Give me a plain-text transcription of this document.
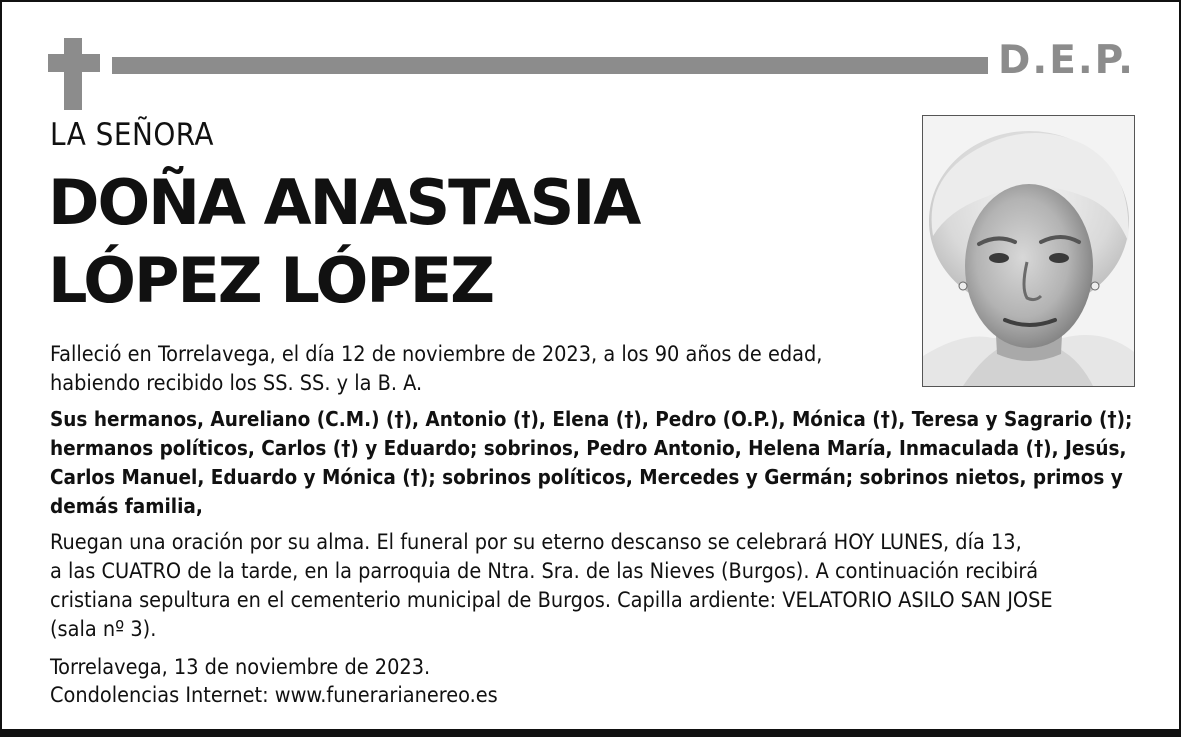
D.E.P.
LA SEÑORA
DOÑA ANASTASIA
LÓPEZ LÓPEZ
Falleció en Torrelavega, el día 12 de noviembre de 2023, a los 90 años de edad,
habiendo recibido los SS. SS. y la B. A.
Sus hermanos, Aureliano (C.M.) (†), Antonio (†), Elena (†), Pedro (O.P.), Mónica (†), Teresa y Sagrario (†);
hermanos políticos, Carlos (†) y Eduardo; sobrinos, Pedro Antonio, Helena María, Inmaculada (†), Jesús,
Carlos Manuel, Eduardo y Mónica (†); sobrinos políticos, Mercedes y Germán; sobrinos nietos, primos y
demás familia,
Ruegan una oración por su alma. El funeral por su eterno descanso se celebrará HOY LUNES, día 13,
a las CUATRO de la tarde, en la parroquia de Ntra. Sra. de las Nieves (Burgos). A continuación recibirá
cristiana sepultura en el cementerio municipal de Burgos. Capilla ardiente: VELATORIO ASILO SAN JOSE
(sala nº 3).
Torrelavega, 13 de noviembre de 2023.
Condolencias Internet: www.funerarianereo.es
